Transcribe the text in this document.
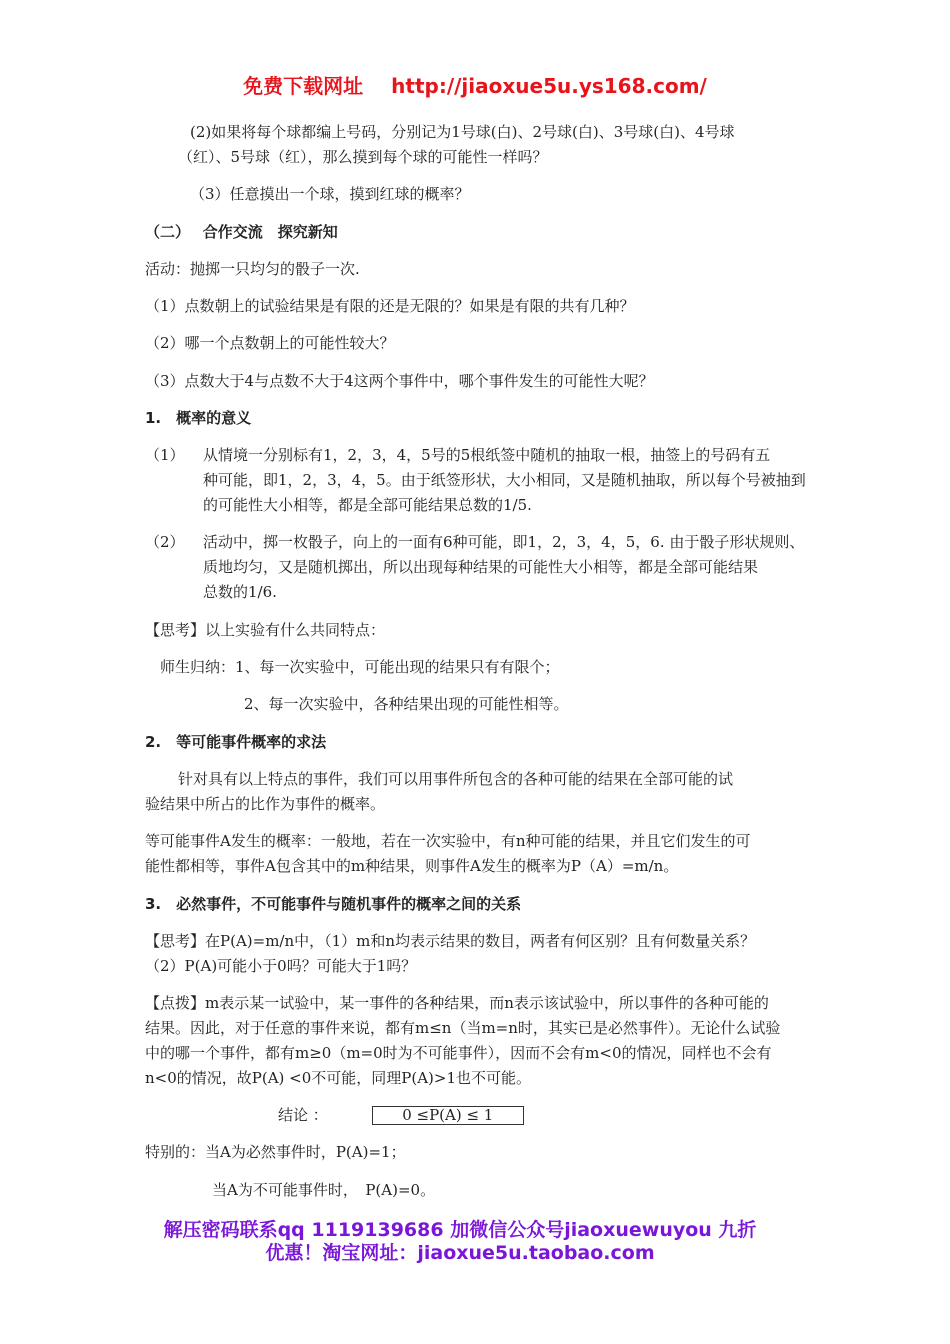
免费下载网址 http://jiaoxue5u.ys168.com/
(2)如果将每个球都编上号码，分别记为1号球(白)、2号球(白)、3号球(白)、4号球
（红）、5号球（红），那么摸到每个球的可能性一样吗？
（3）任意摸出一个球，摸到红球的概率？
（二）　 合作交流　探究新知
活动：抛掷一只均匀的骰子一次.
（1）点数朝上的试验结果是有限的还是无限的？如果是有限的共有几种？
（2）哪一个点数朝上的可能性较大？
（3）点数大于4与点数不大于4这两个事件中，哪个事件发生的可能性大呢？
1.　概率的意义
（1） 从情境一分别标有1，2，3，4，5号的5根纸签中随机的抽取一根，抽签上的号码有五
种可能，即1，2，3，4，5。由于纸签形状，大小相同，又是随机抽取，所以每个号被抽到
的可能性大小相等，都是全部可能结果总数的1/5.
（2） 活动中，掷一枚骰子，向上的一面有6种可能，即1，2，3，4，5，6. 由于骰子形状规则、
质地均匀，又是随机掷出，所以出现每种结果的可能性大小相等，都是全部可能结果
总数的1/6.
【思考】以上实验有什么共同特点：
师生归纳：1、每一次实验中，可能出现的结果只有有限个；
2、每一次实验中，各种结果出现的可能性相等。
2.　等可能事件概率的求法
针对具有以上特点的事件，我们可以用事件所包含的各种可能的结果在全部可能的试
验结果中所占的比作为事件的概率。
等可能事件A发生的概率：一般地，若在一次实验中，有n种可能的结果，并且它们发生的可
能性都相等，事件A包含其中的m种结果，则事件A发生的概率为P（A）=m/n。
3.　必然事件，不可能事件与随机事件的概率之间的关系
【思考】在P(A)=m/n中，（1）m和n均表示结果的数目，两者有何区别？且有何数量关系？
（2）P(A)可能小于0吗？可能大于1吗？
【点拨】m表示某一试验中，某一事件的各种结果，而n表示该试验中，所以事件的各种可能的
结果。因此，对于任意的事件来说，都有m≤n（当m=n时，其实已是必然事件）。无论什么试验
中的哪一个事件，都有m≥0（m=0时为不可能事件），因而不会有m<0的情况，同样也不会有
n<0的情况，故P(A) <0不可能，同理P(A)>1也不可能。
结论 ：	0 ≤P(A) ≤ 1
特别的：当A为必然事件时，P(A)=1；
当A为不可能事件时，　P(A)=0。
解压密码联系qq 1119139686 加微信公众号jiaoxuewuyou 九折
优惠！淘宝网址：jiaoxue5u.taobao.com
